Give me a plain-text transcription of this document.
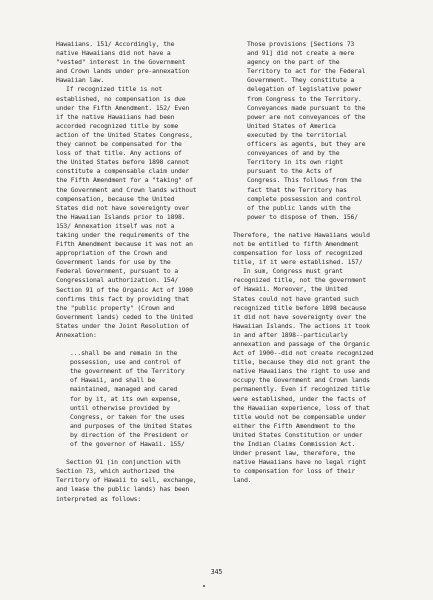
Hawaiians. 151/ Accordingly, the
native Hawaiians did not have a
"vested" interest in the Government
and Crown lands under pre-annexation
Hawaiian law.

If recognized title is not
established, no compensation is due
under the Fifth Amendment. 152/ Even
if the native Hawaiians had been
accorded recognized title by some
action of the United States Congress,
they cannot be compensated for the
loss of that title. Any actions of
the United States before 1898 cannot
constitute a compensable claim under
the Fifth Amendment for a "taking" of
the Government and Crown lands without
compensation, because the United
States did not have sovereignty over
the Hawaiian Islands prior to 1898.
153/ Annexation itself was not a
taking under the requirements of the
Fifth Amendment because it was not an
appropriation of the Crown and
Government lands for use by the
Federal Government, pursuant to a
Congressional authorization. 154/
Section 91 of the Organic Act of 1900
confirms this fact by providing that
the "public property" (Crown and
Government lands) ceded to the United
States under the Joint Resolution of
Annexation:

...shall be and remain in the
possession, use and control of
the government of the Territory
of Hawaii, and shall be
maintained, managed and cared
for by it, at its own expense,
until otherwise provided by
Congress, or taken for the uses
and purposes of the United States
by direction of the President or
of the governor of Hawaii. 155/

Section 91 (in conjunction with
Section 73, which authorized the
Territory of Hawaii to sell, exchange,
and lease the public lands) has been
interpreted as follows:

Those provisions [Sections 73
and 91] did not create a mere
agency on the part of the
Territory to act for the Federal
Government. They constitute a
delegation of legislative power
from Congress to the Territory.
Conveyances made pursuant to the
power are not conveyances of the
United States of America
executed by the territorial
officers as agents, but they are
conveyances of and by the
Territory in its own right
pursuant to the Acts of
Congress. This follows from the
fact that the Territory has
complete possession and control
of the public lands with the
power to dispose of them. 156/

Therefore, the native Hawaiians would
not be entitled to fifth Amendment
compensation for loss of recognized
title, if it were established. 157/

In sum, Congress must grant
recognized title, not the government
of Hawaii. Moreover, the United
States could not have granted such
recognized title before 1898 because
it did not have sovereignty over the
Hawaiian Islands. The actions it took
in and after 1898--particularly
annexation and passage of the Organic
Act of 1900--did not create recognized
title, because they did not grant the
native Hawaiians the right to use and
occupy the Government and Crown lands
permanently. Even if recognized title
were established, under the facts of
the Hawaiian experience, loss of that
title would not be compensable under
either the Fifth Amendment to the
United States Constitution or under
the Indian Claims Commission Act.
Under present law, therefore, the
native Hawaiians have no legal right
to compensation for loss of their
land.

345
